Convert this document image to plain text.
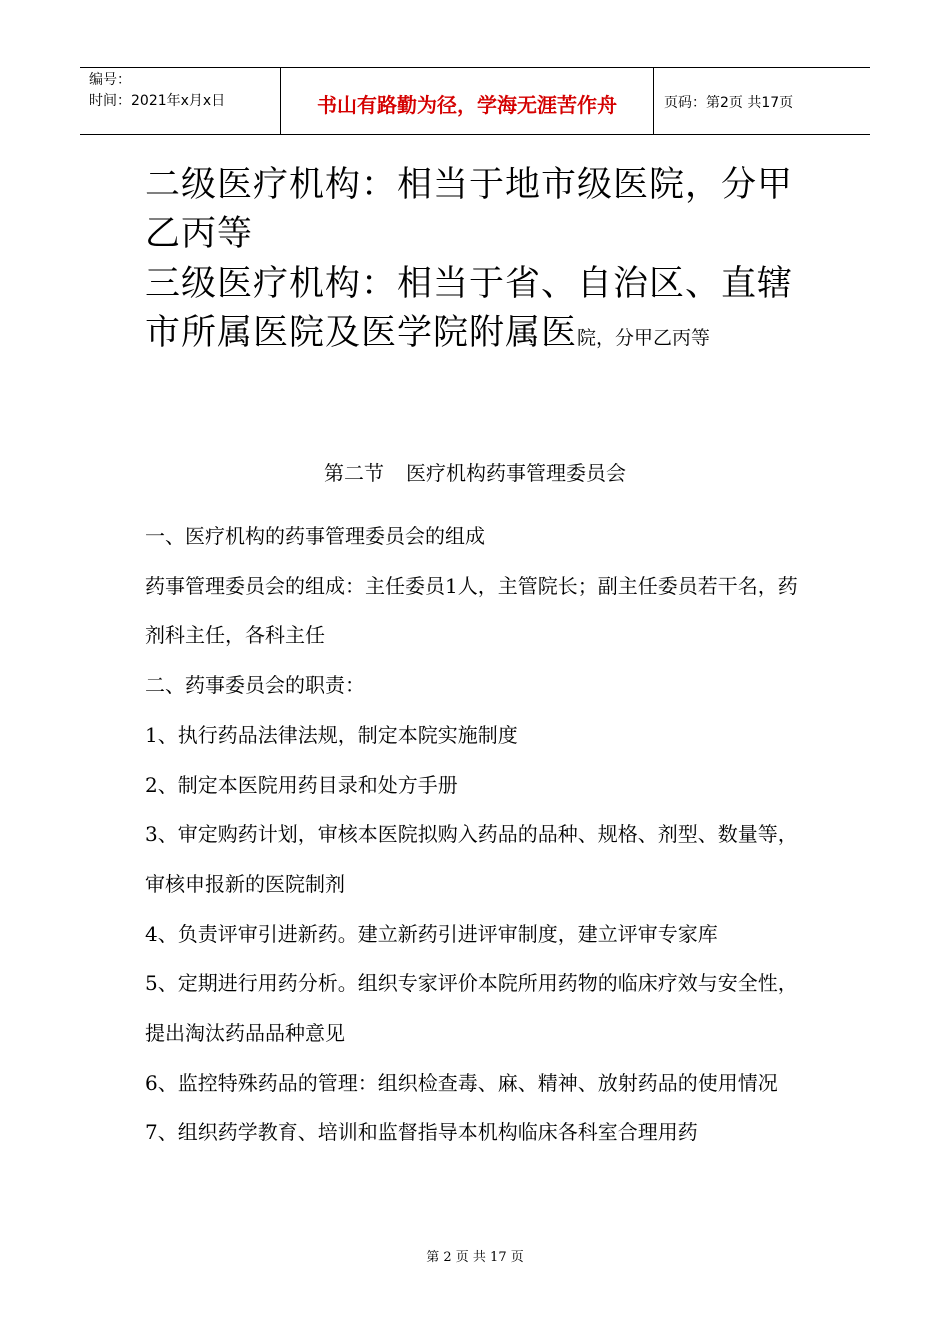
编号：
时间：2021年x月x日	书山有路勤为径，学海无涯苦作舟	页码：第2页 共17页
二级医疗机构：相当于地市级医院，分甲乙丙等
三级医疗机构：相当于省、自治区、直辖市所属医院及医学院附属医院，分甲乙丙等
第二节 医疗机构药事管理委员会

一、医疗机构的药事管理委员会的组成

药事管理委员会的组成：主任委员1人，主管院长；副主任委员若干名，药剂科主任，各科主任

二、药事委员会的职责：

1、执行药品法律法规，制定本院实施制度

2、制定本医院用药目录和处方手册

3、审定购药计划，审核本医院拟购入药品的品种、规格、剂型、数量等，审核申报新的医院制剂

4、负责评审引进新药。建立新药引进评审制度，建立评审专家库

5、定期进行用药分析。组织专家评价本院所用药物的临床疗效与安全性，提出淘汰药品品种意见

6、监控特殊药品的管理：组织检查毒、麻、精神、放射药品的使用情况

7、组织药学教育、培训和监督指导本机构临床各科室合理用药

第 2 页 共 17 页
